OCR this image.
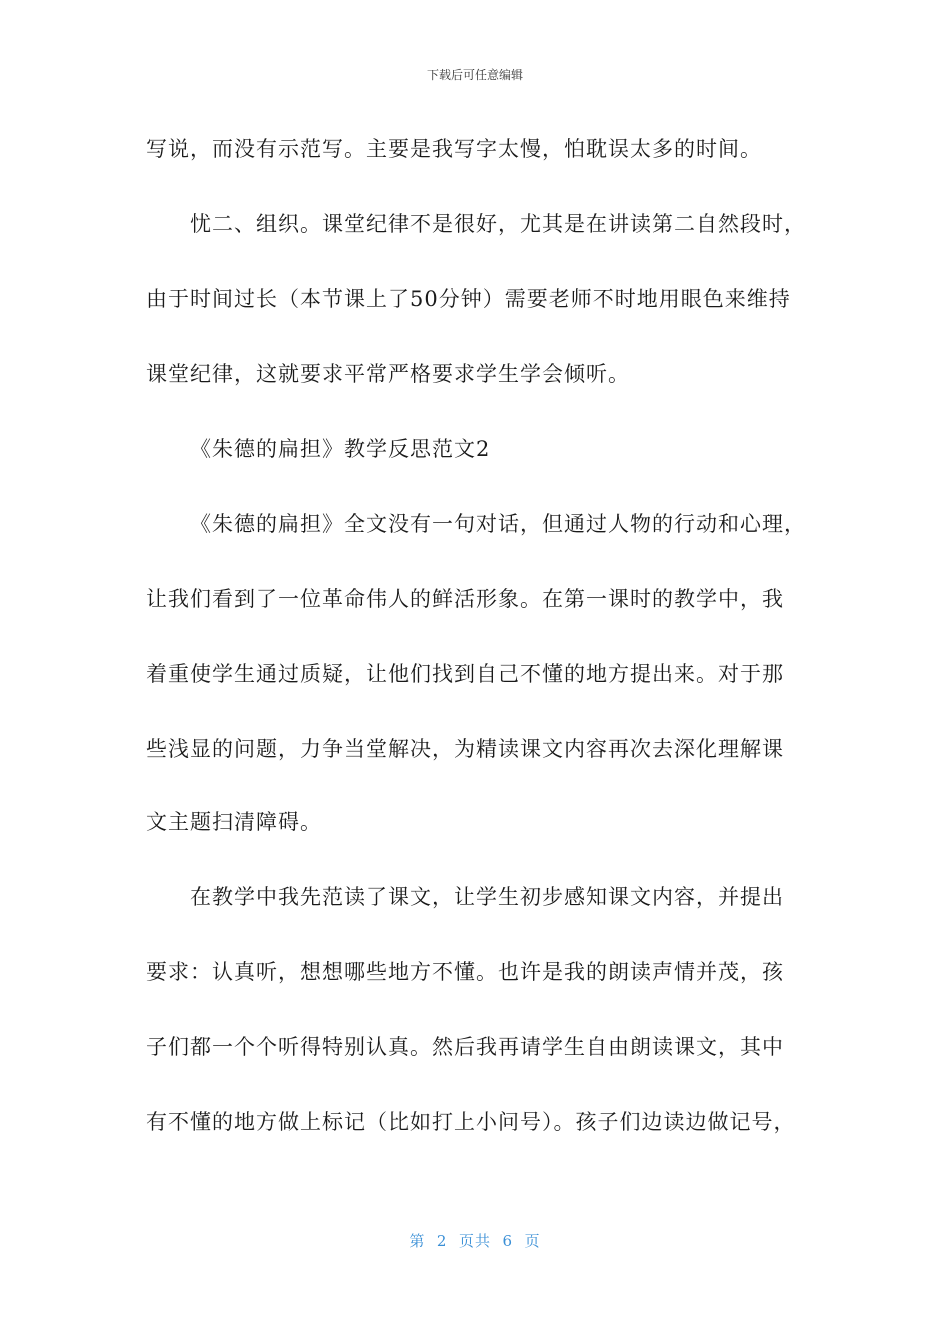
下载后可任意编辑
写说，而没有示范写。主要是我写字太慢，怕耽误太多的时间。
忧二、组织。课堂纪律不是很好，尤其是在讲读第二自然段时，
由于时间过长（本节课上了50分钟）需要老师不时地用眼色来维持
课堂纪律，这就要求平常严格要求学生学会倾听。
《朱德的扁担》教学反思范文2
《朱德的扁担》全文没有一句对话，但通过人物的行动和心理，
让我们看到了一位革命伟人的鲜活形象。在第一课时的教学中，我
着重使学生通过质疑，让他们找到自己不懂的地方提出来。对于那
些浅显的问题，力争当堂解决，为精读课文内容再次去深化理解课
文主题扫清障碍。
在教学中我先范读了课文，让学生初步感知课文内容，并提出
要求：认真听，想想哪些地方不懂。也许是我的朗读声情并茂，孩
子们都一个个听得特别认真。然后我再请学生自由朗读课文，其中
有不懂的地方做上标记（比如打上小问号）。孩子们边读边做记号，
第  2  页共  6  页
